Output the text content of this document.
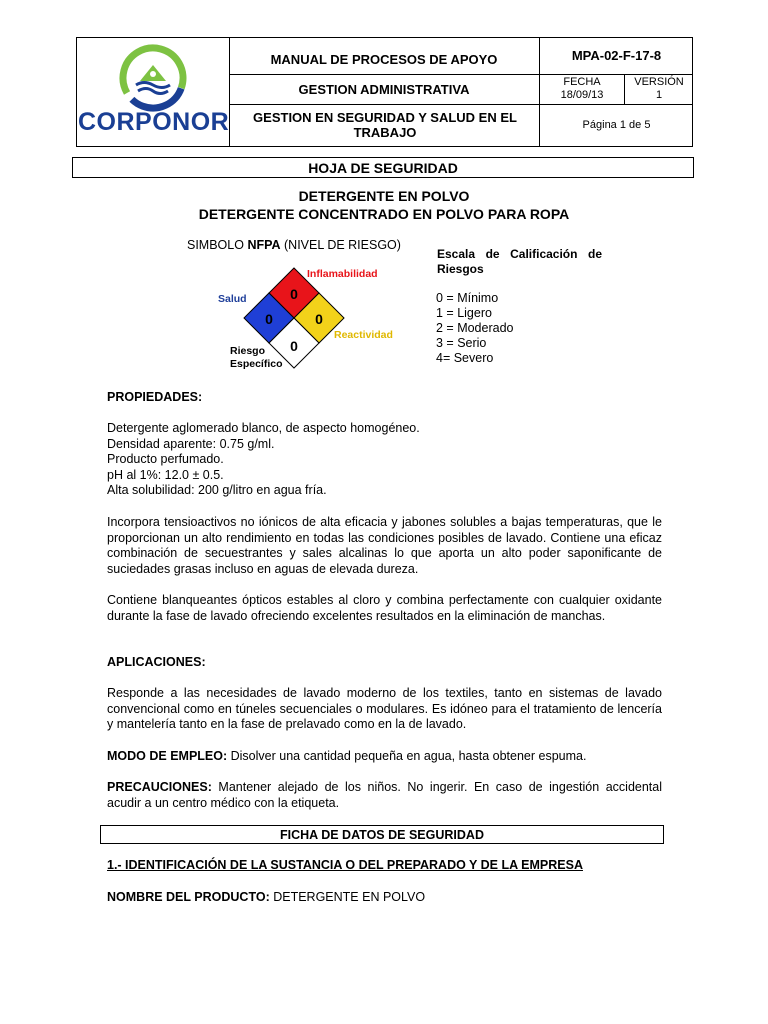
CORPONOR
MANUAL DE PROCESOS DE APOYO
GESTION ADMINISTRATIVA
GESTION EN SEGURIDAD Y SALUD EN EL TRABAJO
MPA-02-F-17-8
FECHA
18/09/13
VERSIÓN
1
Página 1 de 5
HOJA DE SEGURIDAD
DETERGENTE EN POLVO
DETERGENTE CONCENTRADO EN POLVO PARA ROPA
SIMBOLO NFPA (NIVEL DE RIESGO)
0
0	0
0
Inflamabilidad
Salud
Reactividad
Riesgo
Específico
Escala de Calificación de Riesgos
0 = Mínimo
1 = Ligero
2 = Moderado
3 = Serio
4= Severo
PROPIEDADES:
Detergente aglomerado blanco, de aspecto homogéneo.
Densidad aparente: 0.75 g/ml.
Producto perfumado.
pH al 1%: 12.0 ± 0.5.
Alta solubilidad: 200 g/litro en agua fría.
Incorpora tensioactivos no iónicos de alta eficacia y jabones solubles a bajas temperaturas, que le proporcionan un alto rendimiento en todas las condiciones posibles de lavado. Contiene una eficaz combinación de secuestrantes y sales alcalinas lo que aporta un alto poder saponificante de suciedades grasas incluso en aguas de elevada dureza.
Contiene blanqueantes ópticos estables al cloro y combina perfectamente con cualquier oxidante durante la fase de lavado ofreciendo excelentes resultados en la eliminación de manchas.
APLICACIONES:
Responde a las necesidades de lavado moderno de los textiles, tanto en sistemas de lavado convencional como en túneles secuenciales o modulares. Es idóneo para el tratamiento de lencería y mantelería tanto en la fase de prelavado como en la de lavado.
MODO DE EMPLEO: Disolver una cantidad pequeña en agua, hasta obtener espuma.
PRECAUCIONES: Mantener alejado de los niños. No ingerir. En caso de ingestión accidental acudir a un centro médico con la etiqueta.
FICHA DE DATOS DE SEGURIDAD
1.- IDENTIFICACIÓN DE LA SUSTANCIA O DEL PREPARADO Y DE LA EMPRESA
NOMBRE DEL PRODUCTO: DETERGENTE EN POLVO
